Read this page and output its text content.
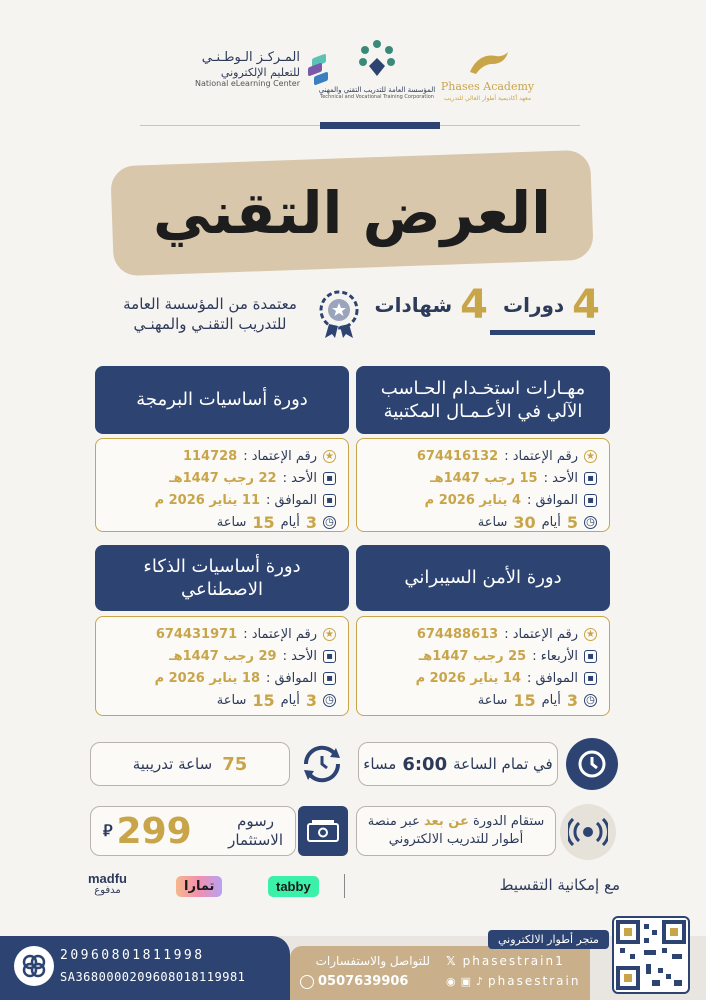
Phases Academy
معهد أكاديمية أطوار العالي للتدريب
المؤسسة العامة للتدريب التقني والمهني
Technical and Vocational Training Corporation
المـركـز الـوطـنـي
للتعليم الإلكتروني
National eLearning Center
العرض التقني
4
دورات
4
شهادات
معتمدة من المؤسسة العامة
للتدريب التقنـي والمهنـي
مهـارات استخـدام الحـاسب الآلي في الأعـمـال المكتبية
★
رقم الإعتماد :
674416132
▪
الأحد :
15 رجب 1447هـ
▪
الموافق :
4 يناير 2026 م
◷
5
أيام
30
ساعة
دورة أساسيات البرمجة
★
رقم الإعتماد :
114728
▪
الأحد :
22 رجب 1447هـ
▪
الموافق :
11 يناير 2026 م
◷
3
أيام
15
ساعة
دورة الأمن السيبراني
★
رقم الإعتماد :
674488613
▪
الأربعاء :
25 رجب 1447هـ
▪
الموافق :
14 يناير 2026 م
◷
3
أيام
15
ساعة
دورة أساسيات الذكاء الاصطناعي
★
رقم الإعتماد :
674431971
▪
الأحد :
29 رجب 1447هـ
▪
الموافق :
18 يناير 2026 م
◷
3
أيام
15
ساعة
في تمام الساعة
6:00
مساء
75
ساعة تدريبية
ستقام الدورة عن بعد عبر منصة
أطوار للتدريب الالكتروني
رسوم
الاستثمار
⃁ 299
مع إمكانية التقسيط
tabby
تمارا
madfu
مدفوع
20960801811998
SA3680000209608018119981
للتواصل والاستفسارات
0507639906
𝕏 phasestrain1
◉ ▣ ♪ phasestrain
متجر أطوار الالكتروني
